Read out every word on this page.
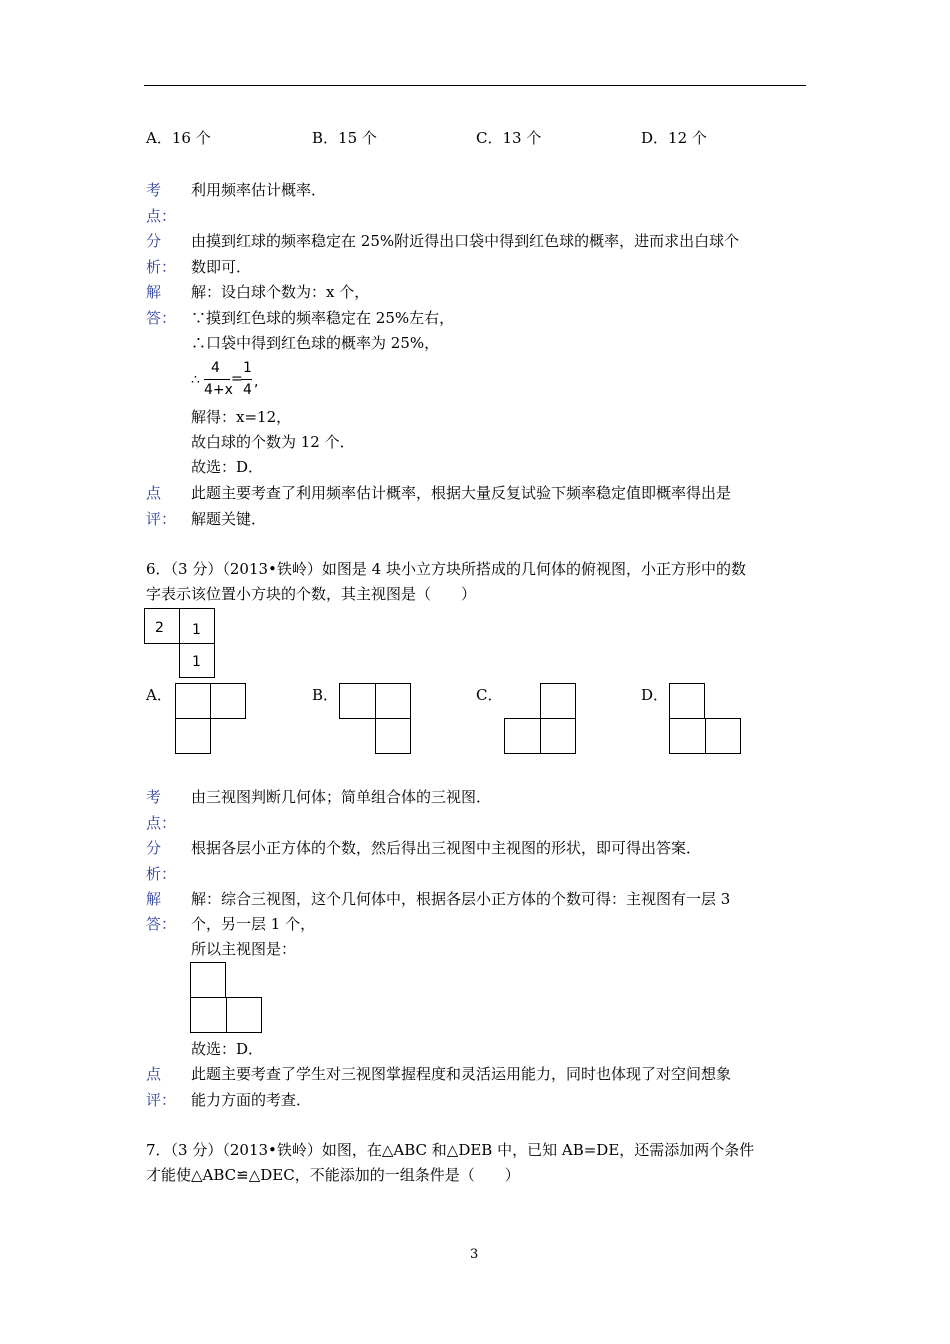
A．16 个	B．15 个	C．13 个	D．12 个
考
点：
利用频率估计概率．
分
析：
由摸到红球的频率稳定在 25%附近得出口袋中得到红色球的概率，进而求出白球个
数即可．
解
答：
解：设白球个数为：x 个，
∵摸到红色球的频率稳定在 25%左右，
∴口袋中得到红色球的概率为 25%，
∴
4
4+x
=
1
4 ,
解得：x=12，
故白球的个数为 12 个．
故选：D．
点
评：
此题主要考查了利用频率估计概率，根据大量反复试验下频率稳定值即概率得出是
解题关键．
6．（3 分）（2013•铁岭）如图是 4 块小立方块所搭成的几何体的俯视图，小正方形中的数
字表示该位置小方块的个数，其主视图是（　　）
2 1
1
A．	B．	C．	D．
考
点：
由三视图判断几何体；简单组合体的三视图．
分
析：
根据各层小正方体的个数，然后得出三视图中主视图的形状，即可得出答案．
解
答：
解：综合三视图，这个几何体中，根据各层小正方体的个数可得：主视图有一层 3
个，另一层 1 个，
所以主视图是：
故选：D．
点
评：
此题主要考查了学生对三视图掌握程度和灵活运用能力，同时也体现了对空间想象
能力方面的考查．
7．（3 分）（2013•铁岭）如图，在△ABC 和△DEB 中，已知 AB=DE，还需添加两个条件
才能使△ABC≌△DEC，不能添加的一组条件是（　　）
3
